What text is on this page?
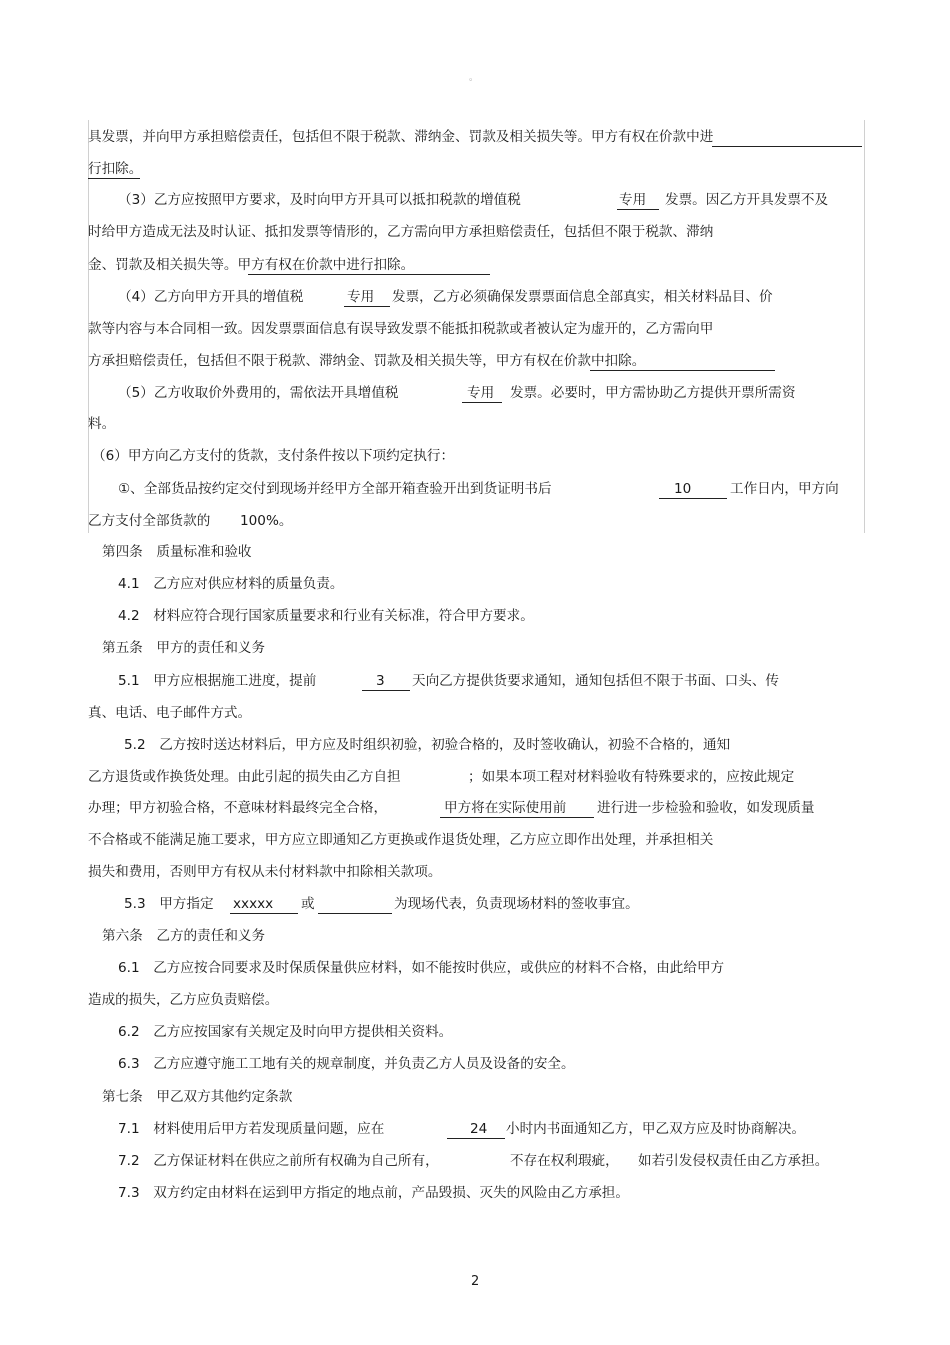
。
具发票，并向甲方承担赔偿责任，包括但不限于税款、滞纳金、罚款及相关损失等。甲方有权在价款中进
行扣除。
（3）乙方应按照甲方要求，及时向甲方开具可以抵扣税款的增值税	专用 发票。因乙方开具发票不及
时给甲方造成无法及时认证、抵扣发票等情形的，乙方需向甲方承担赔偿责任，包括但不限于税款、滞纳
金、罚款及相关损失等。甲方有权在价款中进行扣除。
（4）乙方向甲方开具的增值税	专用 发票，乙方必须确保发票票面信息全部真实，相关材料品目、价
款等内容与本合同相一致。因发票票面信息有误导致发票不能抵扣税款或者被认定为虚开的，乙方需向甲
方承担赔偿责任，包括但不限于税款、滞纳金、罚款及相关损失等，甲方有权在价款中扣除。
（5）乙方收取价外费用的，需依法开具增值税	专用 发票。必要时，甲方需协助乙方提供开票所需资
料。
（6）甲方向乙方支付的货款，支付条件按以下项约定执行：
①、全部货品按约定交付到现场并经甲方全部开箱查验开出到货证明书后	10	工作日内，甲方向
乙方支付全部货款的 100%。
第四条　质量标准和验收
4.1　乙方应对供应材料的质量负责。
4.2　材料应符合现行国家质量要求和行业有关标准，符合甲方要求。
第五条　甲方的责任和义务
5.1　甲方应根据施工进度，提前	3 天向乙方提供货要求通知，通知包括但不限于书面、口头、传
真、电话、电子邮件方式。
5.2　乙方按时送达材料后，甲方应及时组织初验，初验合格的，及时签收确认，初验不合格的，通知
乙方退货或作换货处理。由此引起的损失由乙方自担	；如果本项工程对材料验收有特殊要求的，应按此规定
办理；甲方初验合格，不意味材料最终完全合格，	甲方将在实际使用前 进行进一步检验和验收，如发现质量
不合格或不能满足施工要求，甲方应立即通知乙方更换或作退货处理，乙方应立即作出处理，并承担相关
损失和费用，否则甲方有权从未付材料款中扣除相关款项。
5.3　甲方指定 xxxxx 或	为现场代表，负责现场材料的签收事宜。
第六条　乙方的责任和义务
6.1　乙方应按合同要求及时保质保量供应材料，如不能按时供应，或供应的材料不合格，由此给甲方
造成的损失，乙方应负责赔偿。
6.2　乙方应按国家有关规定及时向甲方提供相关资料。
6.3　乙方应遵守施工工地有关的规章制度，并负责乙方人员及设备的安全。
第七条　甲乙双方其他约定条款
7.1　材料使用后甲方若发现质量问题，应在	24 小时内书面通知乙方，甲乙双方应及时协商解决。
7.2　乙方保证材料在供应之前所有权确为自己所有，	不存在权利瑕疵， 如若引发侵权责任由乙方承担。
7.3　双方约定由材料在运到甲方指定的地点前，产品毁损、灭失的风险由乙方承担。
2
